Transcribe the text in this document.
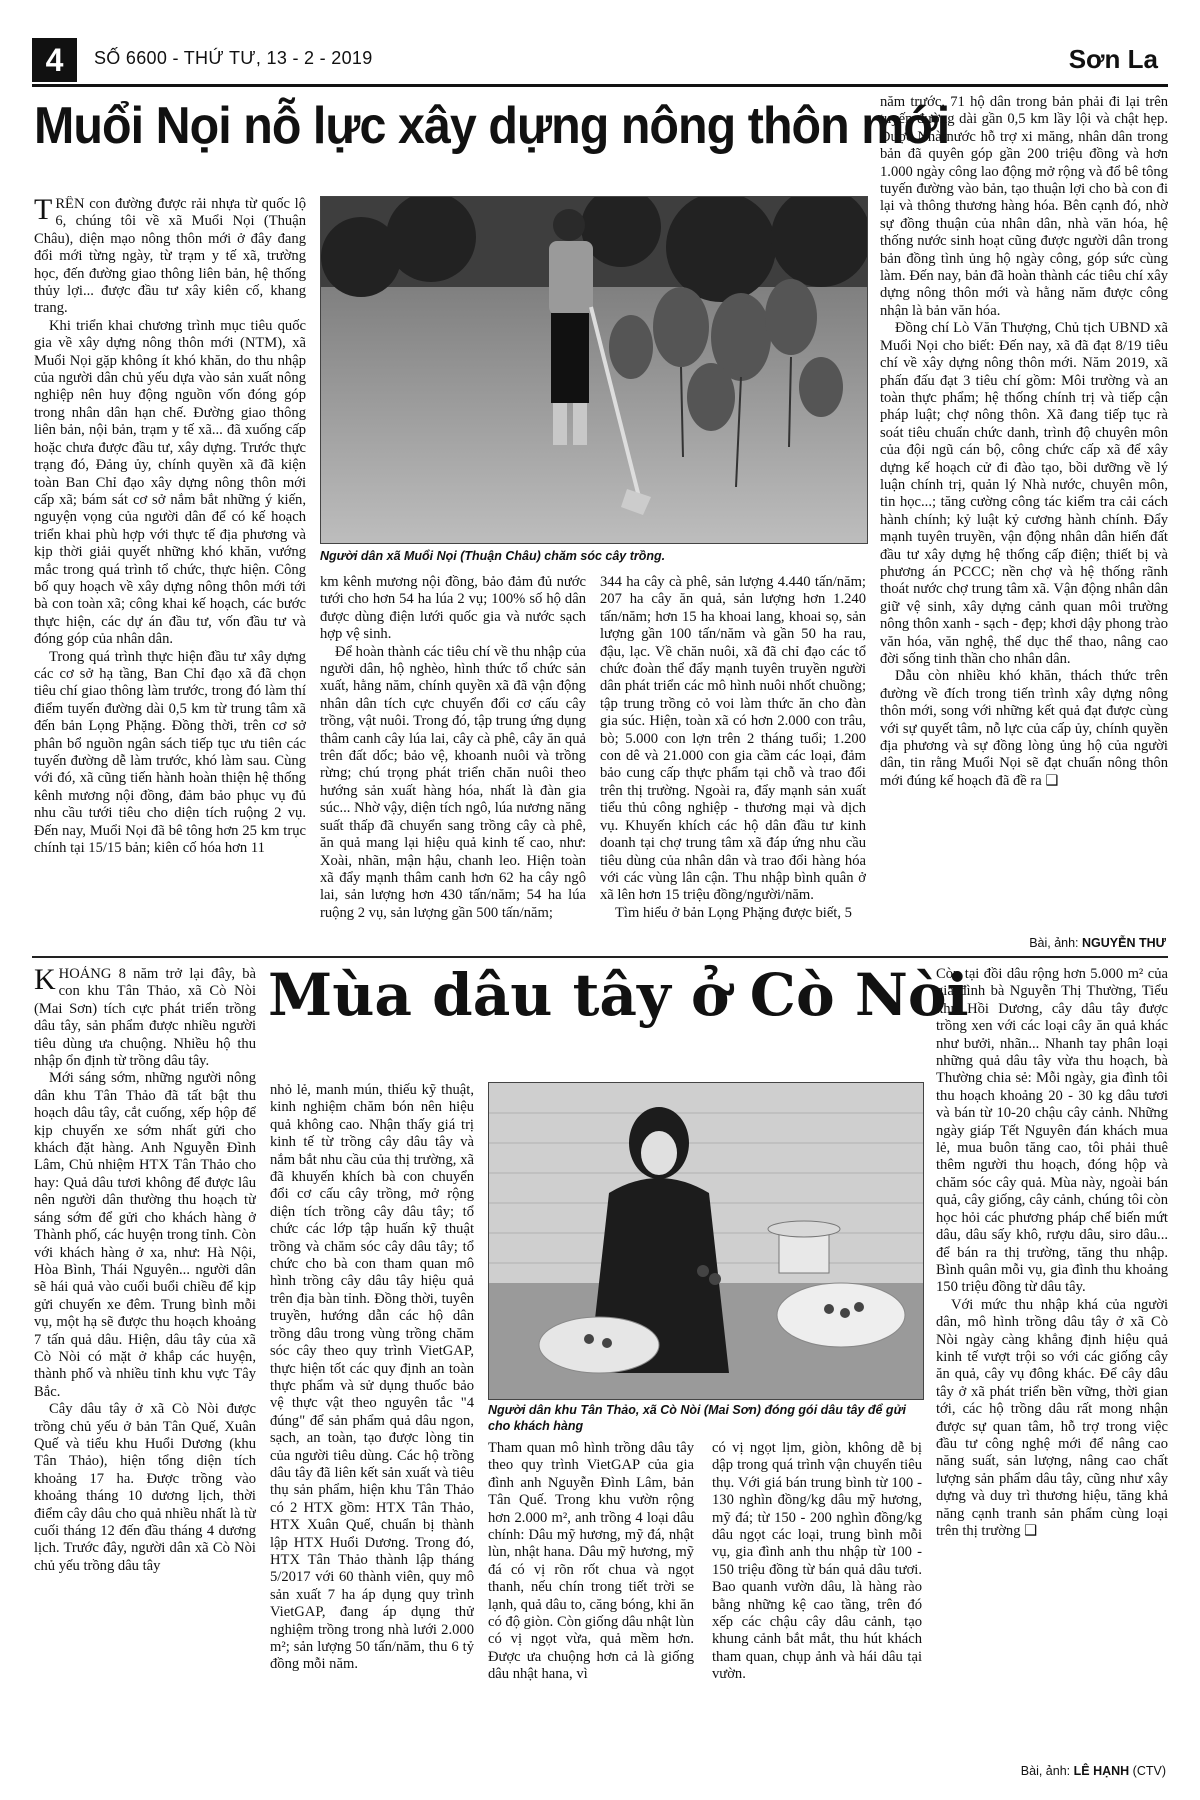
4	SỐ 6600 - THỨ TƯ, 13 - 2 - 2019	Sơn La
Muổi Nọi nỗ lực xây dựng nông thôn mới

TRÊN con đường được rải nhựa từ quốc lộ 6, chúng tôi về xã Muổi Nọi (Thuận Châu), diện mạo nông thôn mới ở đây đang đổi mới từng ngày, từ trạm y tế xã, trường học, đến đường giao thông liên bản, hệ thống thủy lợi... được đầu tư xây kiên cố, khang trang.

Khi triển khai chương trình mục tiêu quốc gia về xây dựng nông thôn mới (NTM), xã Muổi Nọi gặp không ít khó khăn, do thu nhập của người dân chủ yếu dựa vào sản xuất nông nghiệp nên huy động nguồn vốn đóng góp trong nhân dân hạn chế. Đường giao thông liên bản, nội bản, trạm y tế xã... đã xuống cấp hoặc chưa được đầu tư, xây dựng. Trước thực trạng đó, Đảng ủy, chính quyền xã đã kiện toàn Ban Chỉ đạo xây dựng nông thôn mới cấp xã; bám sát cơ sở nắm bắt những ý kiến, nguyện vọng của người dân để có kế hoạch triển khai phù hợp với thực tế địa phương và kịp thời giải quyết những khó khăn, vướng mắc trong quá trình tổ chức, thực hiện. Công bố quy hoạch về xây dựng nông thôn mới tới bà con toàn xã; công khai kế hoạch, các bước thực hiện, các dự án đầu tư, vốn đầu tư và đóng góp của nhân dân.

Trong quá trình thực hiện đầu tư xây dựng các cơ sở hạ tầng, Ban Chỉ đạo xã đã chọn tiêu chí giao thông làm trước, trong đó làm thí điểm tuyến đường dài 0,5 km từ trung tâm xã đến bản Lọng Phặng. Đồng thời, trên cơ sở phân bổ nguồn ngân sách tiếp tục ưu tiên các tuyến đường dễ làm trước, khó làm sau. Cùng với đó, xã cũng tiến hành hoàn thiện hệ thống kênh mương nội đồng, đảm bảo phục vụ đủ nhu cầu tưới tiêu cho diện tích ruộng 2 vụ. Đến nay, Muổi Nọi đã bê tông hơn 25 km trục chính tại 15/15 bản; kiên cố hóa hơn 11

Người dân xã Muổi Nọi (Thuận Châu) chăm sóc cây trồng.

km kênh mương nội đồng, bảo đảm đủ nước tưới cho hơn 54 ha lúa 2 vụ; 100% số hộ dân được dùng điện lưới quốc gia và nước sạch hợp vệ sinh.

Để hoàn thành các tiêu chí về thu nhập của người dân, hộ nghèo, hình thức tổ chức sản xuất, hằng năm, chính quyền xã đã vận động nhân dân tích cực chuyển đổi cơ cấu cây trồng, vật nuôi. Trong đó, tập trung ứng dụng thâm canh cây lúa lai, cây cà phê, cây ăn quả trên đất dốc; bảo vệ, khoanh nuôi và trồng rừng; chú trọng phát triển chăn nuôi theo hướng sản xuất hàng hóa, nhất là đàn gia súc... Nhờ vậy, diện tích ngô, lúa nương năng suất thấp đã chuyển sang trồng cây cà phê, ăn quả mang lại hiệu quả kinh tế cao, như: Xoài, nhãn, mận hậu, chanh leo. Hiện toàn xã đẩy mạnh thâm canh hơn 62 ha cây ngô lai, sản lượng hơn 430 tấn/năm; 54 ha lúa ruộng 2 vụ, sản lượng gần 500 tấn/năm;

344 ha cây cà phê, sản lượng 4.440 tấn/năm; 207 ha cây ăn quả, sản lượng hơn 1.240 tấn/năm; hơn 15 ha khoai lang, khoai sọ, sản lượng gần 100 tấn/năm và gần 50 ha rau, đậu, lạc. Về chăn nuôi, xã đã chỉ đạo các tổ chức đoàn thể đẩy mạnh tuyên truyền người dân phát triển các mô hình nuôi nhốt chuồng; tập trung trồng cỏ voi làm thức ăn cho đàn gia súc. Hiện, toàn xã có hơn 2.000 con trâu, bò; 5.000 con lợn trên 2 tháng tuổi; 1.200 con dê và 21.000 con gia cầm các loại, đảm bảo cung cấp thực phẩm tại chỗ và trao đổi trên thị trường. Ngoài ra, đẩy mạnh sản xuất tiểu thủ công nghiệp - thương mại và dịch vụ. Khuyến khích các hộ dân đầu tư kinh doanh tại chợ trung tâm xã đáp ứng nhu cầu tiêu dùng của nhân dân và trao đổi hàng hóa với các vùng lân cận. Thu nhập bình quân ở xã lên hơn 15 triệu đồng/người/năm.

Tìm hiểu ở bản Lọng Phặng được biết, 5

năm trước, 71 hộ dân trong bản phải đi lại trên tuyến đường dài gần 0,5 km lầy lội và chật hẹp. Được Nhà nước hỗ trợ xi măng, nhân dân trong bản đã quyên góp gần 200 triệu đồng và hơn 1.000 ngày công lao động mở rộng và đổ bê tông tuyến đường vào bản, tạo thuận lợi cho bà con đi lại và thông thương hàng hóa. Bên cạnh đó, nhờ sự đồng thuận của nhân dân, nhà văn hóa, hệ thống nước sinh hoạt cũng được người dân trong bản đồng tình ủng hộ ngày công, góp sức cùng làm. Đến nay, bản đã hoàn thành các tiêu chí xây dựng nông thôn mới và hằng năm được công nhận là bản văn hóa.

Đồng chí Lò Văn Thượng, Chủ tịch UBND xã Muổi Nọi cho biết: Đến nay, xã đã đạt 8/19 tiêu chí về xây dựng nông thôn mới. Năm 2019, xã phấn đấu đạt 3 tiêu chí gồm: Môi trường và an toàn thực phẩm; hệ thống chính trị và tiếp cận pháp luật; chợ nông thôn. Xã đang tiếp tục rà soát tiêu chuẩn chức danh, trình độ chuyên môn của đội ngũ cán bộ, công chức cấp xã để xây dựng kế hoạch cử đi đào tạo, bồi dưỡng về lý luận chính trị, quản lý Nhà nước, chuyên môn, tin học...; tăng cường công tác kiểm tra cải cách hành chính; kỷ luật kỷ cương hành chính. Đẩy mạnh tuyên truyền, vận động nhân dân hiến đất đầu tư xây dựng hệ thống cấp điện; thiết bị và phương án PCCC; nền chợ và hệ thống rãnh thoát nước chợ trung tâm xã. Vận động nhân dân giữ vệ sinh, xây dựng cảnh quan môi trường nông thôn xanh - sạch - đẹp; khơi dậy phong trào văn hóa, văn nghệ, thể dục thể thao, nâng cao đời sống tinh thần cho nhân dân.

Dẫu còn nhiều khó khăn, thách thức trên đường về đích trong tiến trình xây dựng nông thôn mới, song với những kết quả đạt được cùng với sự quyết tâm, nỗ lực của cấp ủy, chính quyền địa phương và sự đồng lòng ủng hộ của người dân, tin rằng Muổi Nọi sẽ đạt chuẩn nông thôn mới đúng kế hoạch đã đề ra ❑

Bài, ảnh: NGUYỄN THƯ

KHOẢNG 8 năm trở lại đây, bà con khu Tân Thảo, xã Cò Nòi (Mai Sơn) tích cực phát triển trồng dâu tây, sản phẩm được nhiều người tiêu dùng ưa chuộng. Nhiều hộ thu nhập ổn định từ trồng dâu tây.

Mới sáng sớm, những người nông dân khu Tân Thảo đã tất bật thu hoạch dâu tây, cắt cuống, xếp hộp để kịp chuyển xe sớm nhất gửi cho khách đặt hàng. Anh Nguyễn Đình Lâm, Chủ nhiệm HTX Tân Thảo cho hay: Quả dâu tươi không để được lâu nên người dân thường thu hoạch từ sáng sớm để gửi cho khách hàng ở Thành phố, các huyện trong tỉnh. Còn với khách hàng ở xa, như: Hà Nội, Hòa Bình, Thái Nguyên... người dân sẽ hái quả vào cuối buổi chiều để kịp gửi chuyến xe đêm. Trung bình mỗi vụ, một hạ sẽ được thu hoạch khoảng 7 tấn quả dâu. Hiện, dâu tây của xã Cò Nòi có mặt ở khắp các huyện, thành phố và nhiều tỉnh khu vực Tây Bắc.

Cây dâu tây ở xã Cò Nòi được trồng chủ yếu ở bản Tân Quế, Xuân Quế và tiểu khu Huổi Dương (khu Tân Thảo), hiện tổng diện tích khoảng 17 ha. Được trồng vào khoảng tháng 10 dương lịch, thời điểm cây dâu cho quả nhiều nhất là từ cuối tháng 12 đến đầu tháng 4 dương lịch. Trước đây, người dân xã Cò Nòi chủ yếu trồng dâu tây

Mùa dâu tây ở Cò Nòi

nhỏ lẻ, manh mún, thiếu kỹ thuật, kinh nghiệm chăm bón nên hiệu quả không cao. Nhận thấy giá trị kinh tế từ trồng cây dâu tây và nắm bắt nhu cầu của thị trường, xã đã khuyến khích bà con chuyển đổi cơ cấu cây trồng, mở rộng diện tích trồng cây dâu tây; tổ chức các lớp tập huấn kỹ thuật trồng và chăm sóc cây dâu tây; tổ chức cho bà con tham quan mô hình trồng cây dâu tây hiệu quả trên địa bàn tỉnh. Đồng thời, tuyên truyền, hướng dẫn các hộ dân trồng dâu trong vùng trồng chăm sóc cây theo quy trình VietGAP, thực hiện tốt các quy định an toàn thực phẩm và sử dụng thuốc bảo vệ thực vật theo nguyên tắc "4 đúng" để sản phẩm quả dâu ngon, sạch, an toàn, tạo được lòng tin của người tiêu dùng. Các hộ trồng dâu tây đã liên kết sản xuất và tiêu thụ sản phẩm, hiện khu Tân Thảo có 2 HTX gồm: HTX Tân Thảo, HTX Xuân Quế, chuẩn bị thành lập HTX Huổi Dương. Trong đó, HTX Tân Thảo thành lập tháng 5/2017 với 60 thành viên, quy mô sản xuất 7 ha áp dụng quy trình VietGAP, đang áp dụng thử nghiệm trồng trong nhà lưới 2.000 m²; sản lượng 50 tấn/năm, thu 6 tỷ đồng mỗi năm.

Người dân khu Tân Thảo, xã Cò Nòi (Mai Sơn) đóng gói dâu tây để gửi cho khách hàng

Tham quan mô hình trồng dâu tây theo quy trình VietGAP của gia đình anh Nguyễn Đình Lâm, bản Tân Quế. Trong khu vườn rộng hơn 2.000 m², anh trồng 4 loại dâu chính: Dâu mỹ hương, mỹ đá, nhật lùn, nhật hana. Dâu mỹ hương, mỹ đá có vị rõn rốt chua và ngọt thanh, nếu chín trong tiết trời se lạnh, quả dâu to, căng bóng, khi ăn có độ giòn. Còn giống dâu nhật lùn có vị ngọt vừa, quả mềm hơn. Được ưa chuộng hơn cả là giống dâu nhật hana, vì

có vị ngọt lịm, giòn, không dễ bị dập trong quá trình vận chuyển tiêu thụ. Với giá bán trung bình từ 100 - 130 nghìn đồng/kg dâu mỹ hương, mỹ đá; từ 150 - 200 nghìn đồng/kg dâu ngọt các loại, trung bình mỗi vụ, gia đình anh thu nhập từ 100 - 150 triệu đồng từ bán quả dâu tươi. Bao quanh vườn dâu, là hàng rào bằng những kệ cao tầng, trên đó xếp các chậu cây dâu cảnh, tạo khung cảnh bắt mắt, thu hút khách tham quan, chụp ảnh và hái dâu tại vườn.

Còn tại đồi dâu rộng hơn 5.000 m² của gia đình bà Nguyễn Thị Thường, Tiểu khu Hồi Dương, cây dâu tây được trồng xen với các loại cây ăn quả khác như bưởi, nhãn... Nhanh tay phân loại những quả dâu tây vừa thu hoạch, bà Thường chia sẻ: Mỗi ngày, gia đình tôi thu hoạch khoảng 20 - 30 kg dâu tươi và bán từ 10-20 chậu cây cảnh. Những ngày giáp Tết Nguyên đán khách mua lẻ, mua buôn tăng cao, tôi phải thuê thêm người thu hoạch, đóng hộp và chăm sóc cây quả. Mùa này, ngoài bán quả, cây giống, cây cảnh, chúng tôi còn học hỏi các phương pháp chế biến mứt dâu, dâu sấy khô, rượu dâu, siro dâu... để bán ra thị trường, tăng thu nhập. Bình quân mỗi vụ, gia đình thu khoảng 150 triệu đồng từ dâu tây.

Với mức thu nhập khá của người dân, mô hình trồng dâu tây ở xã Cò Nòi ngày càng khẳng định hiệu quả kinh tế vượt trội so với các giống cây ăn quả, cây vụ đông khác. Để cây dâu tây ở xã phát triển bền vững, thời gian tới, các hộ trồng dâu rất mong nhận được sự quan tâm, hỗ trợ trong việc đầu tư công nghệ mới để nâng cao năng suất, sản lượng, nâng cao chất lượng sản phẩm dâu tây, cũng như xây dựng và duy trì thương hiệu, tăng khả năng cạnh tranh sản phẩm cùng loại trên thị trường ❑

Bài, ảnh: LÊ HẠNH (CTV)
